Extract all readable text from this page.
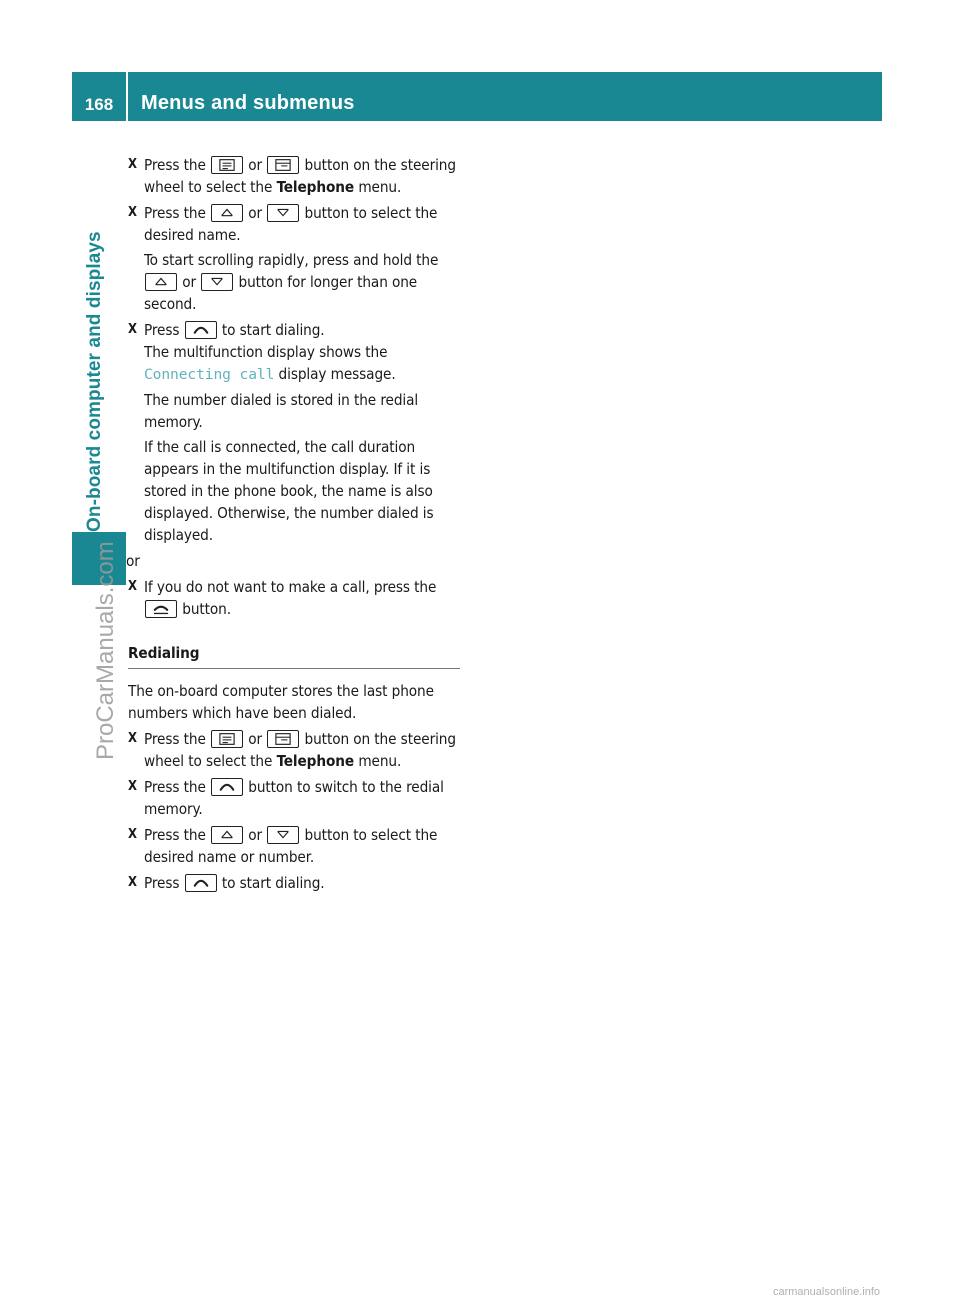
168	Menus and submenus
On-board computer and displays
ProCarManuals.com
X Press the	or	button on the steering wheel to select the Telephone menu.

X Press the	or	button to select the desired name.

To start scrolling rapidly, press and hold the
or	button for longer than one second.

X Press	to start dialing.
The multifunction display shows the
Connecting call display message.

The number dialed is stored in the redial memory.

If the call is connected, the call duration appears in the multifunction display. If it is stored in the phone book, the name is also displayed. Otherwise, the number dialed is displayed.

or
X If you do not want to make a call, press the
button.

Redialing

The on-board computer stores the last phone numbers which have been dialed.

X Press the	or	button on the steering wheel to select the Telephone menu.

X Press the	button to switch to the redial memory.

X Press the	or	button to select the desired name or number.

X Press	to start dialing.

carmanualsonline.info
